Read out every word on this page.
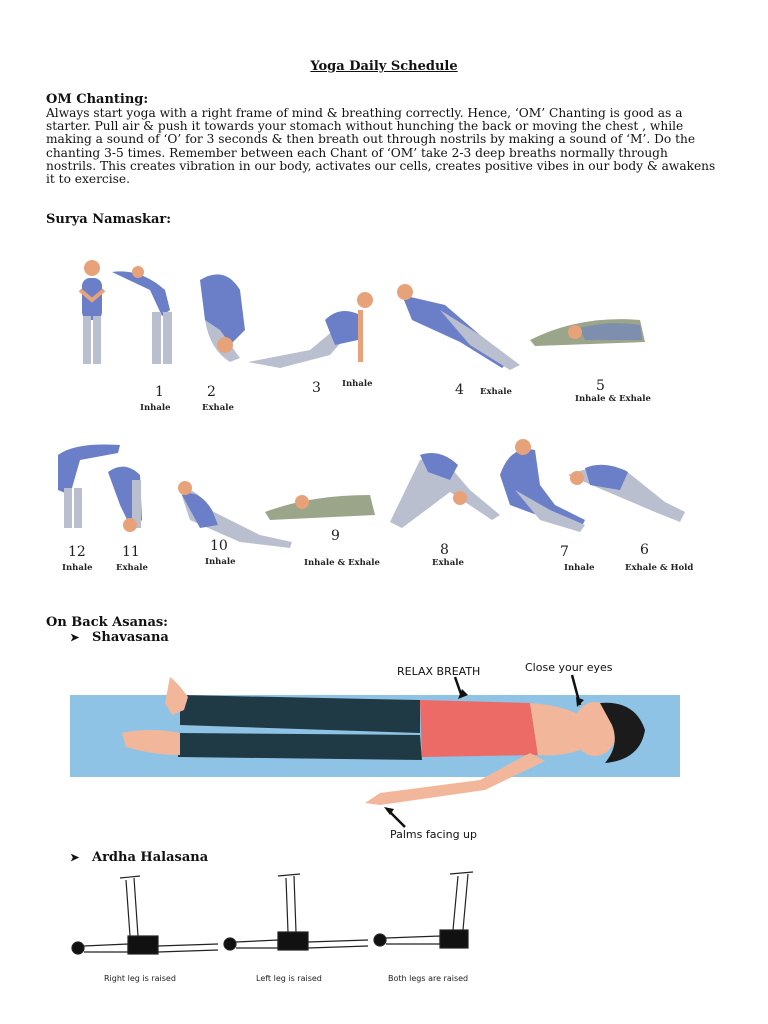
Yoga Daily Schedule
OM Chanting:
Always start yoga with a right frame of mind & breathing correctly. Hence, ‘OM’ Chanting is good as a
starter. Pull air & push it towards your stomach without hunching the back or moving the chest , while
making a sound of ‘O’ for 3 seconds & then breath out through nostrils by making a sound of ‘M’. Do the
chanting 3-5 times. Remember between each Chant of ‘OM’ take 2-3 deep breaths normally through
nostrils. This creates vibration in our body, activates our cells, creates positive vibes in our body & awakens
it to exercise.
Surya Namaskar:
1
Inhale
2
Exhale
3 Inhale	4 Exhale	5
Inhale & Exhale
12
Inhale
11
Exhale
10
Inhale
9
Inhale & Exhale
8
Exhale
7
Inhale
6
Exhale & Hold
On Back Asanas:
➤ Shavasana
RELAX BREATH	Close your eyes
Palms facing up
➤ Ardha Halasana
Right leg is raised	Left leg is raised	Both legs are raised
